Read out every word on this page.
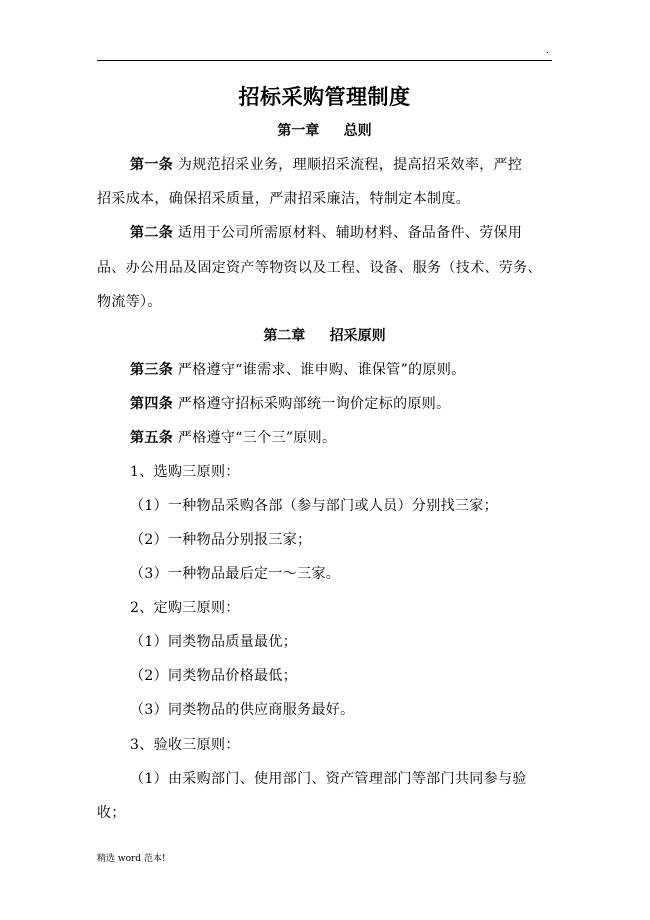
.
招标采购管理制度
第一章     总则
第一条 为规范招采业务，理顺招采流程，提高招采效率，严控
招采成本，确保招采质量，严肃招采廉洁，特制定本制度。
第二条 适用于公司所需原材料、辅助材料、备品备件、劳保用
品、办公用品及固定资产等物资以及工程、设备、服务（技术、劳务、
物流等）。
第二章     招采原则
第三条 严格遵守“谁需求、谁申购、谁保管”的原则。
第四条 严格遵守招标采购部统一询价定标的原则。
第五条 严格遵守“三个三”原则。
1、选购三原则：
（1）一种物品采购各部（参与部门或人员）分别找三家；
（2）一种物品分别报三家；
（3）一种物品最后定一～三家。
2、定购三原则：
（1）同类物品质量最优；
（2）同类物品价格最低；
（3）同类物品的供应商服务最好。
3、验收三原则：
（1）由采购部门、使用部门、资产管理部门等部门共同参与验
收；
精选 word 范本!
